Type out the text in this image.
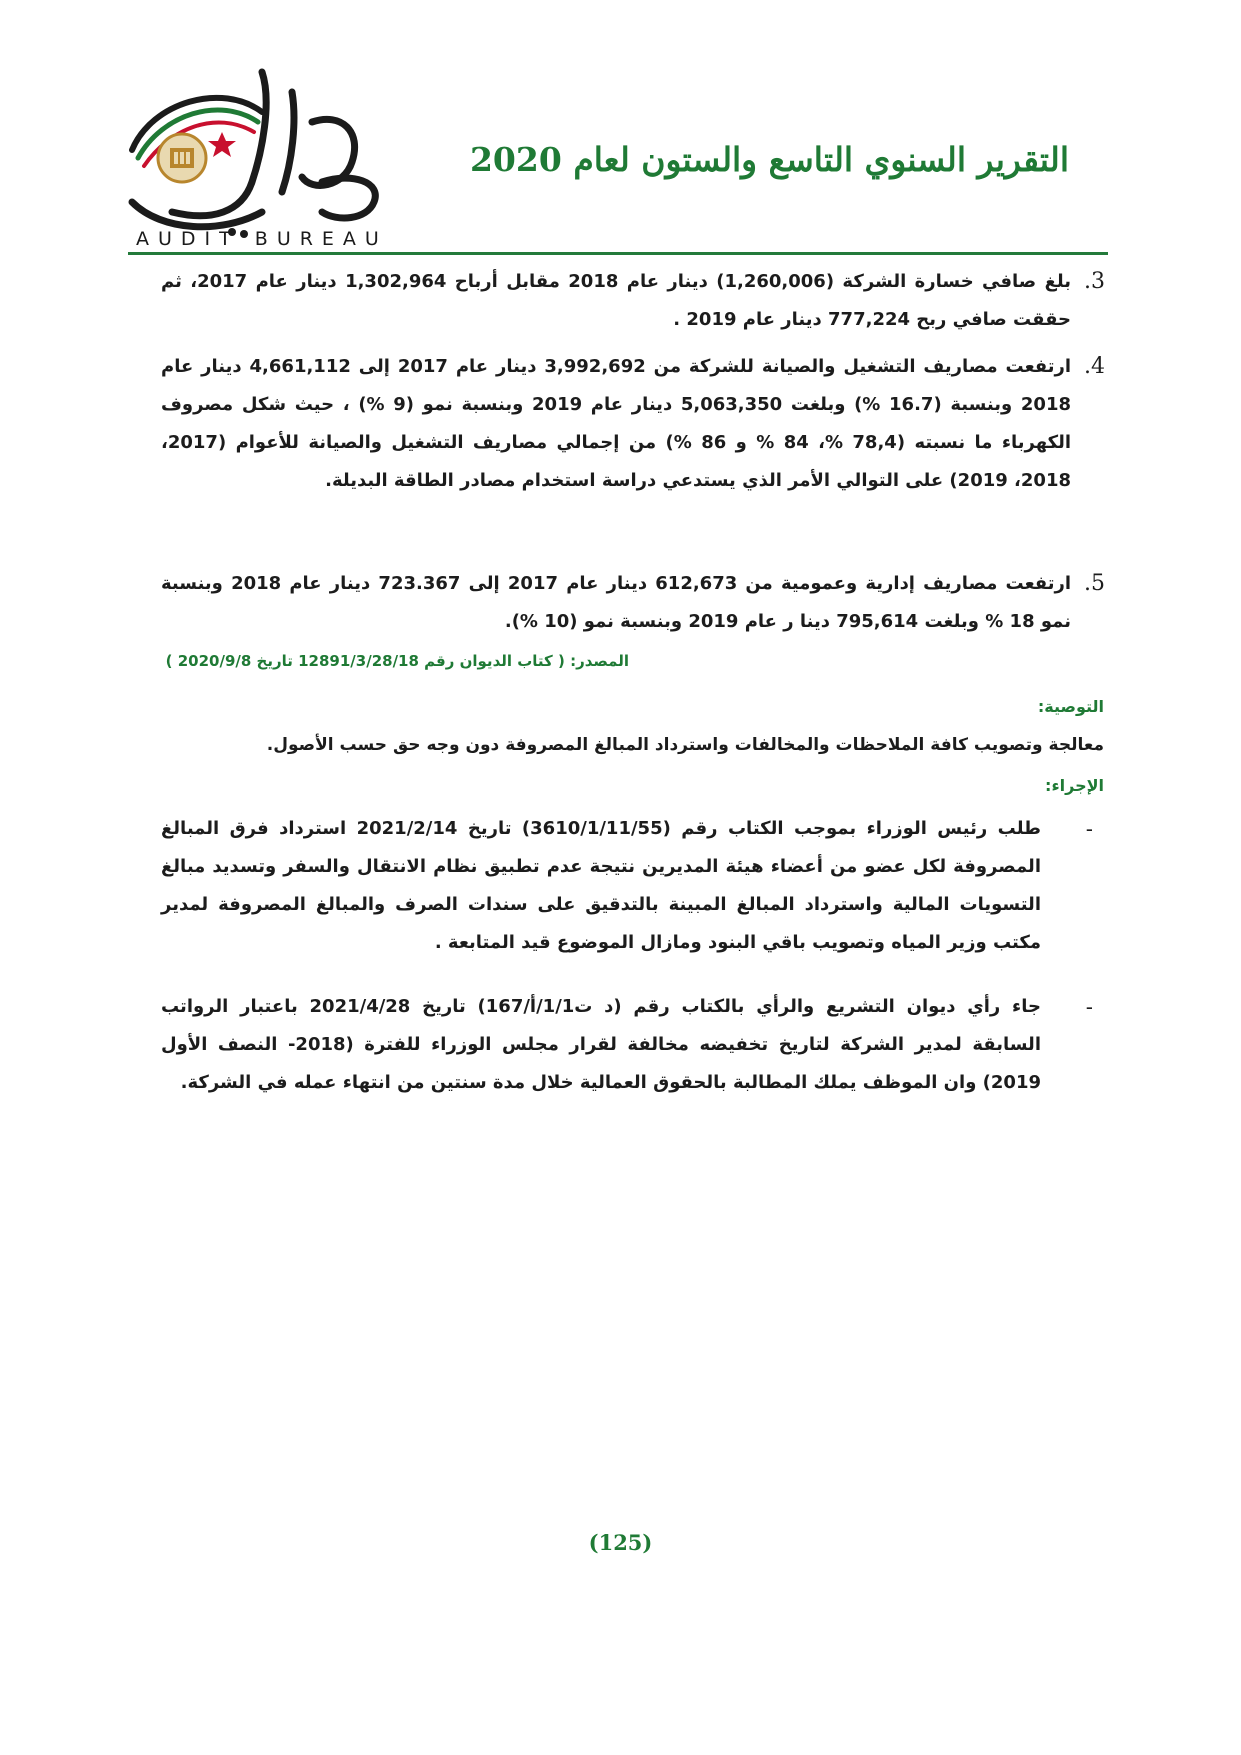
AUDIT BUREAU
التقرير السنوي التاسع والستون لعام 2020
3.
بلغ صافي خسارة الشركة (1,260,006) دينار عام 2018 مقابل أرباح 1,302,964 دينار عام 2017، ثم حققت صافي ربح 777,224 دينار عام 2019 .
4.
ارتفعت مصاريف التشغيل والصيانة للشركة من 3,992,692 دينار عام 2017 إلى 4,661,112 دينار عام 2018 وبنسبة (16.7 %) وبلغت 5,063,350 دينار عام 2019 وبنسبة نمو (9 %) ، حيث شكل مصروف الكهرباء ما نسبته (78,4 %، 84 % و 86 %) من إجمالي مصاريف التشغيل والصيانة للأعوام (2017، 2018، 2019) على التوالي الأمر الذي يستدعي دراسة استخدام مصادر الطاقة البديلة.
5.
ارتفعت مصاريف إدارية وعمومية من 612,673 دينار عام 2017 إلى 723.367 دينار عام 2018 وبنسبة نمو 18 % وبلغت 795,614 دينا ر عام 2019 وبنسبة نمو (10 %).
المصدر: ( كتاب الديوان رقم 12891/3/28/18 تاريخ 2020/9/8 )
التوصية:
معالجة وتصويب كافة الملاحظات والمخالفات واسترداد المبالغ المصروفة دون وجه حق حسب الأصول.
الإجراء:
-
طلب رئيس الوزراء بموجب الكتاب رقم (3610/1/11/55) تاريخ 2021/2/14 استرداد فرق المبالغ المصروفة لكل عضو من أعضاء هيئة المديرين نتيجة عدم تطبيق نظام الانتقال والسفر وتسديد مبالغ التسويات المالية واسترداد المبالغ المبينة بالتدقيق على سندات الصرف والمبالغ المصروفة لمدير مكتب وزير المياه وتصويب باقي البنود ومازال الموضوع قيد المتابعة .
-
جاء رأي ديوان التشريع والرأي بالكتاب رقم (د ت1/1/أ/167) تاريخ 2021/4/28 باعتبار الرواتب السابقة لمدير الشركة لتاريخ تخفيضه مخالفة لقرار مجلس الوزراء للفترة (2018- النصف الأول 2019) وان الموظف يملك المطالبة بالحقوق العمالية خلال مدة سنتين من انتهاء عمله في الشركة.
(125)
